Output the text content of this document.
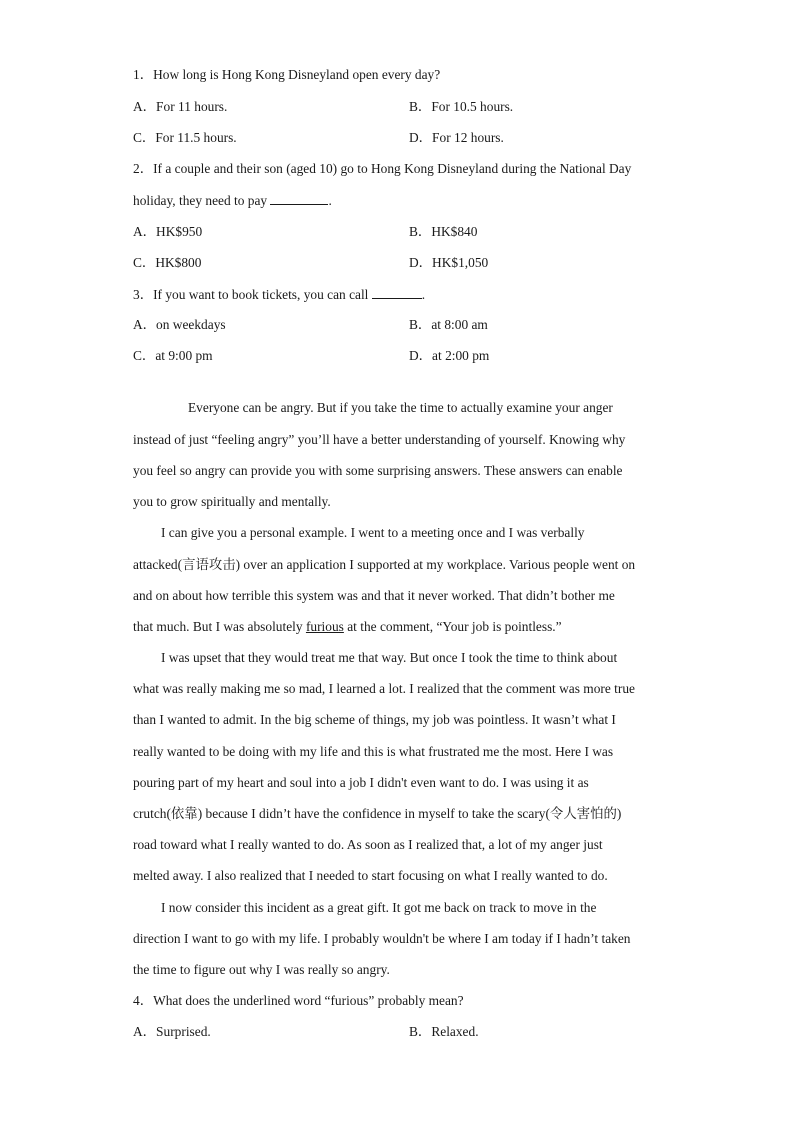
1．How long is Hong Kong Disneyland open every day?
A．For 11 hours.	B．For 10.5 hours.
C．For 11.5 hours.	D．For 12 hours.
2．If a couple and their son (aged 10) go to Hong Kong Disneyland during the National Day
holiday, they need to pay	.
A．HK$950	B．HK$840
C．HK$800	D．HK$1,050
3．If you want to book tickets, you can call	.
A．on weekdays	B．at 8:00 am
C．at 9:00 pm	D．at 2:00 pm
Everyone can be angry. But if you take the time to actually examine your anger
instead of just “feeling angry” you’ll have a better understanding of yourself. Knowing why
you feel so angry can provide you with some surprising answers. These answers can enable
you to grow spiritually and mentally.
I can give you a personal example. I went to a meeting once and I was verbally
attacked(言语攻击) over an application I supported at my workplace. Various people went on
and on about how terrible this system was and that it never worked. That didn’t bother me
that much. But I was absolutely furious at the comment, “Your job is pointless.”
I was upset that they would treat me that way. But once I took the time to think about
what was really making me so mad, I learned a lot. I realized that the comment was more true
than I wanted to admit. In the big scheme of things, my job was pointless. It wasn’t what I
really wanted to be doing with my life and this is what frustrated me the most. Here I was
pouring part of my heart and soul into a job I didn't even want to do. I was using it as
crutch(依靠) because I didn’t have the confidence in myself to take the scary(令人害怕的)
road toward what I really wanted to do. As soon as I realized that, a lot of my anger just
melted away. I also realized that I needed to start focusing on what I really wanted to do.
I now consider this incident as a great gift. It got me back on track to move in the
direction I want to go with my life. I probably wouldn't be where I am today if I hadn’t taken
the time to figure out why I was really so angry.
4．What does the underlined word “furious” probably mean?
A．Surprised.	B．Relaxed.
